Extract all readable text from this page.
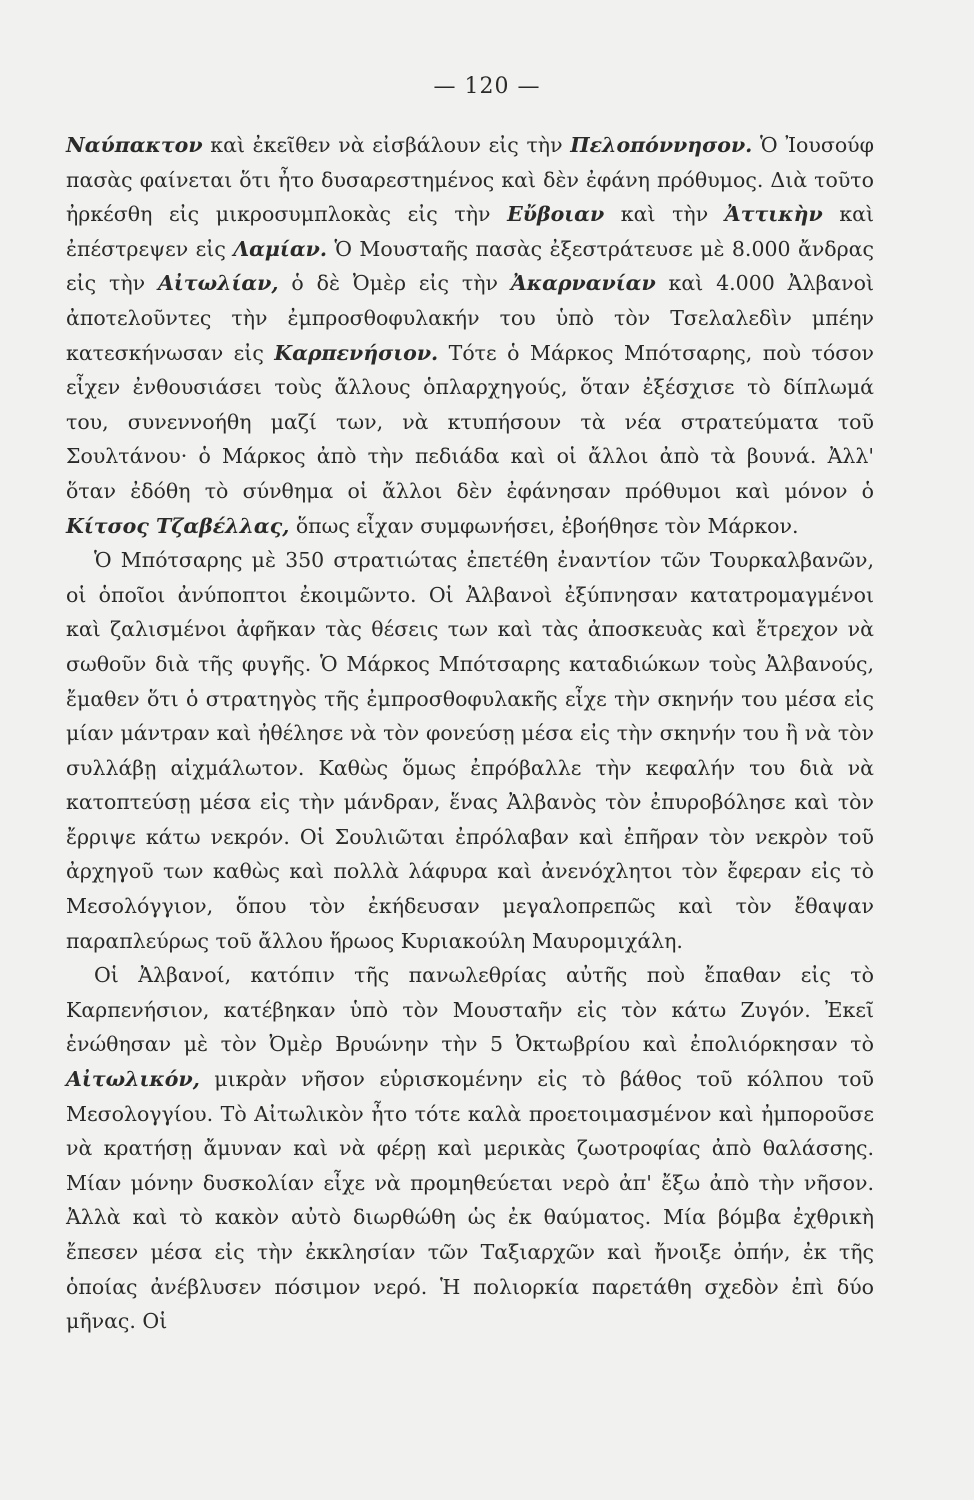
— 120 —

Ναύπακτον καὶ ἐκεῖθεν νὰ εἰσβάλουν εἰς τὴν Πελοπόννησον. Ὁ Ἰουσούφ πασὰς φαίνεται ὅτι ἦτο δυσαρεστημένος καὶ δὲν ἐφάνη πρόθυμος. Διὰ τοῦτο ἠρκέσθη εἰς μικροσυμπλοκὰς εἰς τὴν Εὔβοιαν καὶ τὴν Ἀττικὴν καὶ ἐπέστρεψεν εἰς Λαμίαν. Ὁ Μουσταῆς πασὰς ἐξεστράτευσε μὲ 8.000 ἄνδρας εἰς τὴν Αἰτωλίαν, ὁ δὲ Ὀμὲρ εἰς τὴν Ἀκαρνανίαν καὶ 4.000 Ἀλβανοὶ ἀποτελοῦντες τὴν ἐμπροσθοφυλακήν του ὑπὸ τὸν Τσελαλεδὶν μπέην κατεσκήνωσαν εἰς Καρπενήσιον. Τότε ὁ Μάρκος Μπότσαρης, ποὺ τόσον εἶχεν ἐνθουσιάσει τοὺς ἄλλους ὁπλαρχηγούς, ὅταν ἐξέσχισε τὸ δίπλωμά του, συνεννοήθη μαζί των, νὰ κτυπήσουν τὰ νέα στρατεύματα τοῦ Σουλτάνου· ὁ Μάρκος ἀπὸ τὴν πεδιάδα καὶ οἱ ἄλλοι ἀπὸ τὰ βουνά. Ἀλλ' ὅταν ἐδόθη τὸ σύνθημα οἱ ἄλλοι δὲν ἐφάνησαν πρόθυμοι καὶ μόνον ὁ Κίτσος Τζαβέλλας, ὅπως εἶχαν συμφωνήσει, ἐβοήθησε τὸν Μάρκον.

Ὁ Μπότσαρης μὲ 350 στρατιώτας ἐπετέθη ἐναντίον τῶν Τουρκαλβανῶν, οἱ ὁποῖοι ἀνύποπτοι ἐκοιμῶντο. Οἱ Ἀλβανοὶ ἐξύπνησαν κατατρομαγμένοι καὶ ζαλισμένοι ἀφῆκαν τὰς θέσεις των καὶ τὰς ἀποσκευὰς καὶ ἔτρεχον νὰ σωθοῦν διὰ τῆς φυγῆς. Ὁ Μάρκος Μπότσαρης καταδιώκων τοὺς Ἀλβανούς, ἔμαθεν ὅτι ὁ στρατηγὸς τῆς ἐμπροσθοφυλακῆς εἶχε τὴν σκηνήν του μέσα εἰς μίαν μάντραν καὶ ἠθέλησε νὰ τὸν φονεύσῃ μέσα εἰς τὴν σκηνήν του ἢ νὰ τὸν συλλάβῃ αἰχμάλωτον. Καθὼς ὅμως ἐπρόβαλλε τὴν κεφαλήν του διὰ νὰ κατοπτεύσῃ μέσα εἰς τὴν μάνδραν, ἕνας Ἀλβανὸς τὸν ἐπυροβόλησε καὶ τὸν ἔρριψε κάτω νεκρόν. Οἱ Σουλιῶται ἐπρόλαβαν καὶ ἐπῆραν τὸν νεκρὸν τοῦ ἀρχηγοῦ των καθὼς καὶ πολλὰ λάφυρα καὶ ἀνενόχλητοι τὸν ἔφεραν εἰς τὸ Μεσολόγγιον, ὅπου τὸν ἐκήδευσαν μεγαλοπρεπῶς καὶ τὸν ἔθαψαν παραπλεύρως τοῦ ἄλλου ἥρωος Κυριακούλη Μαυρομιχάλη.

Οἱ Ἀλβανοί, κατόπιν τῆς πανωλεθρίας αὐτῆς ποὺ ἔπαθαν εἰς τὸ Καρπενήσιον, κατέβηκαν ὑπὸ τὸν Μουσταῆν εἰς τὸν κάτω Ζυγόν. Ἐκεῖ ἑνώθησαν μὲ τὸν Ὀμὲρ Βρυώνην τὴν 5 Ὀκτωβρίου καὶ ἐπολιόρκησαν τὸ Αἰτωλικόν, μικρὰν νῆσον εὑρισκομένην εἰς τὸ βάθος τοῦ κόλπου τοῦ Μεσολογγίου. Τὸ Αἰτωλικὸν ἦτο τότε καλὰ προετοιμασμένον καὶ ἠμποροῦσε νὰ κρατήσῃ ἄμυναν καὶ νὰ φέρῃ καὶ μερικὰς ζωοτροφίας ἀπὸ θαλάσσης. Μίαν μόνην δυσκολίαν εἶχε νὰ προμηθεύεται νερὸ ἀπ' ἔξω ἀπὸ τὴν νῆσον. Ἀλλὰ καὶ τὸ κακὸν αὐτὸ διωρθώθη ὡς ἐκ θαύματος. Μία βόμβα ἐχθρικὴ ἔπεσεν μέσα εἰς τὴν ἐκκλησίαν τῶν Ταξιαρχῶν καὶ ἤνοιξε ὀπήν, ἐκ τῆς ὁποίας ἀνέβλυσεν πόσιμον νερό. Ἡ πολιορκία παρετάθη σχεδὸν ἐπὶ δύο μῆνας. Οἱ
